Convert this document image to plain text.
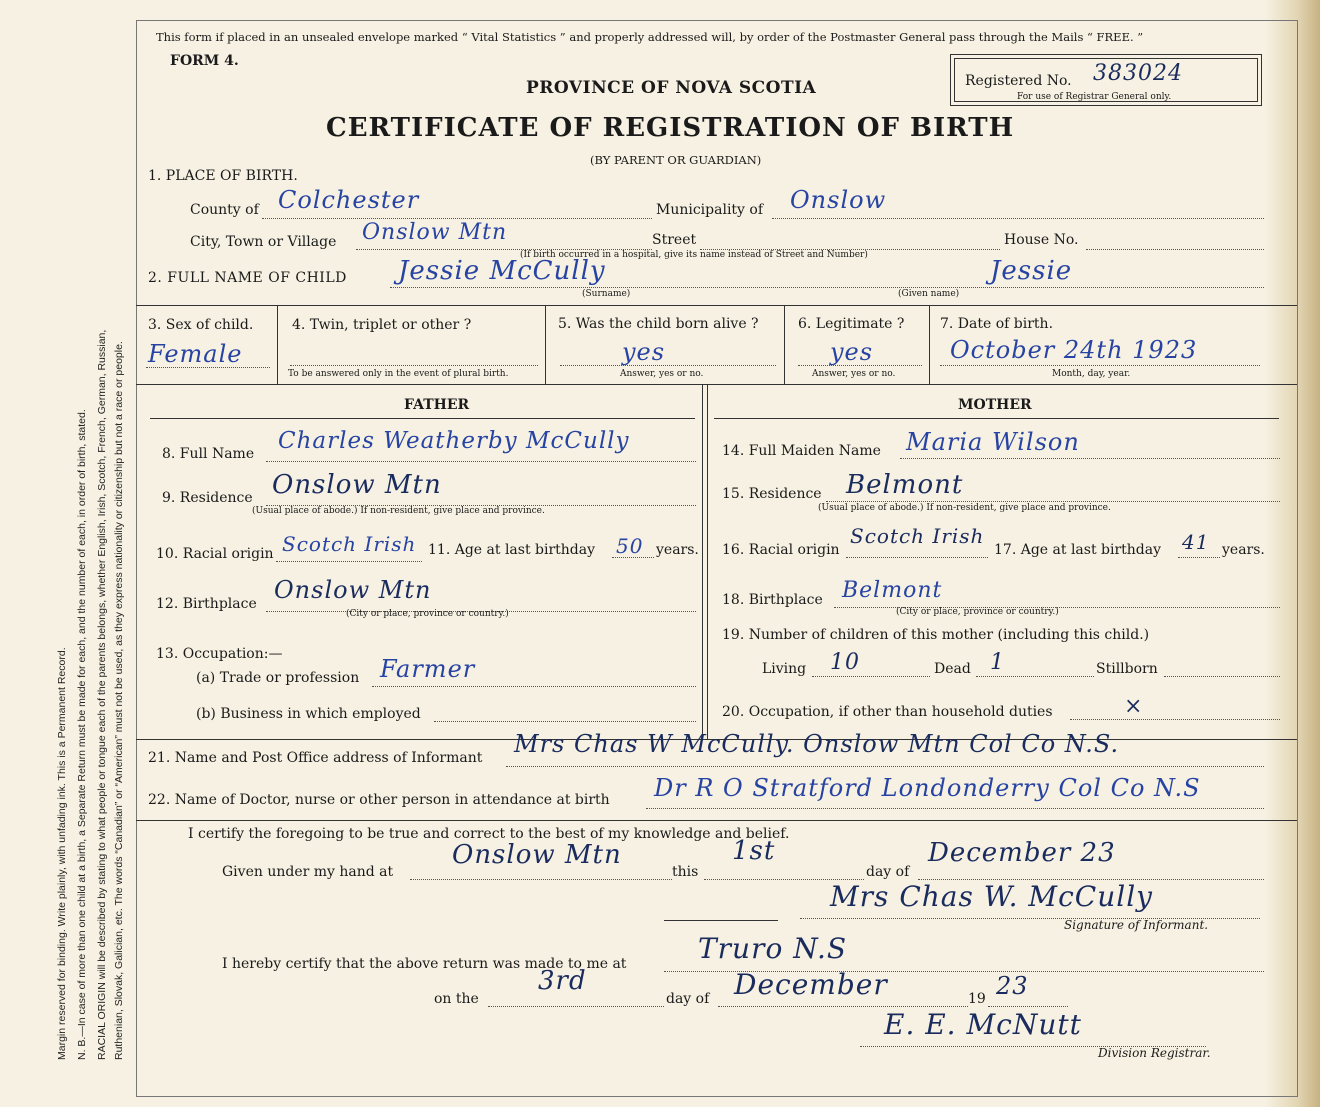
Margin reserved for binding. Write plainly, with unfading ink. This is a Permanent Record. N. B.—In case of more than one child at a birth, a Separate Return must be made for each, and the number of each, in order of birth, stated. RACIAL ORIGIN will be described by stating to what people or tongue each of the parents belongs, whether English, Irish, Scotch, French, German, Russian, Ruthenian, Slovak, Galician, etc. The words “Canadian” or “American” must not be used, as they express nationality or citizenship but not a race or people.
This form if placed in an unsealed envelope marked “ Vital Statistics ” and properly addressed will, by order of the Postmaster General pass through the Mails “ FREE. ”
FORM 4.
PROVINCE OF NOVA SCOTIA
CERTIFICATE OF REGISTRATION OF BIRTH
(BY PARENT OR GUARDIAN)
Registered No. 383024
For use of Registrar General only.
1. PLACE OF BIRTH.
County of Colchester	Municipality of Onslow
City, Town or Village Onslow Mtn	Street	House No.
(If birth occurred in a hospital, give its name instead of Street and Number)
2. FULL NAME OF CHILD Jessie McCully
(Surname)
Jessie
(Given name)
3. Sex of child.
Female
4. Twin, triplet or other ?
To be answered only in the event of plural birth.
5. Was the child born alive ?
yes
Answer, yes or no.
6. Legitimate ?
yes
Answer, yes or no.
7. Date of birth.
October 24th 1923
Month, day, year.
FATHER	MOTHER
8. Full Name Charles Weatherby McCully
9. Residence Onslow Mtn
(Usual place of abode.) If non-resident, give place and province.
10. Racial origin Scotch Irish 11. Age at last birthday 50 years.
12. Birthplace Onslow Mtn
(City or place, province or country.)
13. Occupation:—
(a) Trade or profession Farmer
(b) Business in which employed
14. Full Maiden Name Maria Wilson
15. Residence Belmont
(Usual place of abode.) If non-resident, give place and province.
16. Racial origin
Scotch Irish
17. Age at last birthday 41 years.
18. Birthplace Belmont
(City or place, province or country.)
19. Number of children of this mother (including this child.)
Living 10	Dead 1	Stillborn
20. Occupation, if other than household duties	×
21. Name and Post Office address of Informant Mrs Chas W McCully. Onslow Mtn Col Co N.S.
22. Name of Doctor, nurse or other person in attendance at birth Dr R O Stratford Londonderry Col Co N.S
I certify the foregoing to be true and correct to the best of my knowledge and belief.
Given under my hand at
Onslow Mtn
this
1st
day of
December 23
Mrs Chas W. McCully
Signature of Informant.
I hereby certify that the above return was made to me at	Truro N.S
on the
3rd
day of December	19 23
E. E. McNutt
Division Registrar.
